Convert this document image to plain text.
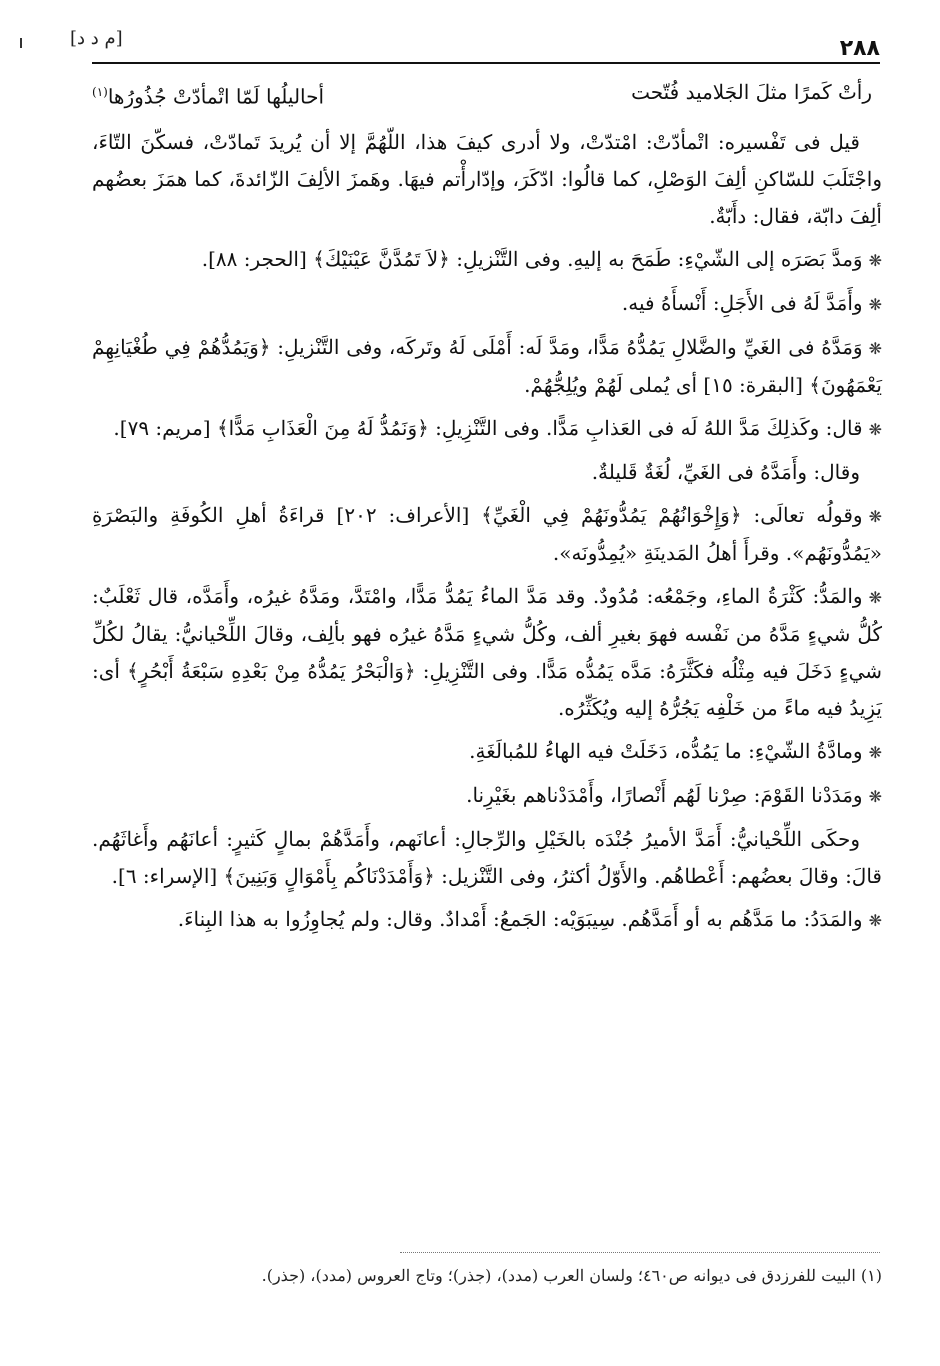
[م د د]	٢٨٨
رأتْ كَمرًا مثلَ الجَلاميد فُتّحت
أحاليلُها لَمّا اتْمأدّتْ جُذُورُها$^{(١)}$

قيل فى تَفْسيره: اتْمأدّتْ: امْتدّتْ، ولا أدرى كيفَ هذا، اللّهُمَّ إلا أن يُريدَ تَمادّتْ، فسكّنَ التّاءَ، واجْتَلَبَ للسّاكنِ ألِفَ الوَصْلِ، كما قالُوا: ادّكَرَ، وإدّارأْتم فيهَا. وهَمزَ الألِفَ الزّائدةَ، كما همَزَ بعضُهم ألِفَ دابّة، فقال: دأَبّةٌ.

❋وَمدَّ بَصَرَه إلى الشّيْءِ: طَمَحَ به إليهِ. وفى التَّنْزيلِ: ﴿لاَ تَمُدَّنَّ عَيْنَيْكَ﴾ [الحجر: ٨٨].

❋وأَمَدَّ لَهُ فى الأَجَلِ: أَنْسأَهُ فيه.

❋وَمَدَّهُ فى الغَيِّ والضَّلالِ يَمُدُّهُ مَدًّا، ومَدَّ لَه: أَمْلَى لَهُ وتَركَه، وفى التَّنْزيلِ: ﴿وَيَمُدُّهُمْ فِي طُغْيَانِهِمْ يَعْمَهُونَ﴾ [البقرة: ١٥] أى يُملى لَهُمْ ويُلِجُّهُمْ.

❋قال: وكَذلِكَ مَدَّ اللهُ لَه فى العَذابِ مَدًّا. وفى التَّنْزِيلِ: ﴿وَنَمُدُّ لَهُ مِنَ الْعَذَابِ مَدًّا﴾ [مريم: ٧٩].

وقال: وأَمَدَّهُ فى الغَيِّ، لُغَةٌ قَليلةٌ.

❋وقولُه تعالَى: ﴿وَإِخْوَانُهُمْ يَمُدُّونَهُمْ فِي الْغَيِّ﴾ [الأعراف: ٢٠٢] قراءَةُ أهلِ الكُوفَةِ والبَصْرَةِ «يَمُدُّونَهُم». وقرأَ أهلُ المَدينَةِ «يُمِدُّونَه».

❋والمَدُّ: كَثْرَةُ الماءِ، وجَمْعُه: مُدُودٌ. وقد مَدَّ الماءُ يَمُدُّ مَدًّا، وامْتَدَّ، ومَدَّهُ غيرُه، وأَمَدَّه، قال ثَعْلَبٌ: كُلُّ شيءٍ مَدَّهُ من نَفْسه فهوَ بغيرِ ألف، وكُلُّ شيءٍ مَدَّهُ غيرُه فهو بألِف، وقالَ اللِّحْيانيُّ: يقالُ لكُلِّ شيءٍ دَخَلَ فيه مِثْلُه فكَثَّرَهُ: مَدَّه يَمُدُّه مَدًّا. وفى التَّنْزِيلِ: ﴿وَالْبَحْرُ يَمُدُّهُ مِنْ بَعْدِهِ سَبْعَةُ أَبْحُرٍ﴾ أى: يَزِيدُ فيه ماءً من خَلْفِه يَجُرُّهُ إليه ويُكَثِّرُه.

❋ومادَّةُ الشّيْءِ: ما يَمُدُّه، دَخَلَتْ فيه الهاءُ للمُبالَغَةِ.

❋ومَدَدْنا القَوْمَ: صِرْنا لَهُم أَنْصارًا، وأَمْدَدْناهم بغَيْرِنا.

وحكَى اللِّحْيانيُّ: أَمَدَّ الأميرُ جُنْدَه بالخَيْلِ والرِّجالِ: أعانَهم، وأَمَدَّهُمْ بمالٍ كَثيرٍ: أعانَهُم وأَغاثَهُم. قالَ: وقالَ بعضُهم: أَعْطاهُم. والأَوّلُ أكثرُ، وفى التَّنْزيل: ﴿وَأَمْدَدْنَاكُم بِأَمْوَالٍ وَبَنِينَ﴾ [الإسراء: ٦].

❋والمَدَدُ: ما مَدَّهُم به أو أَمَدَّهُم. سِيبَوَيْه: الجَمعُ: أَمْدادٌ. وقال: ولم يُجاوِزُوا به هذا البِناءَ.

(١) البيت للفرزدق فى ديوانه ص٤٦٠؛ ولسان العرب (مدد)، (جذر)؛ وتاج العروس (مدد)، (جذر).
